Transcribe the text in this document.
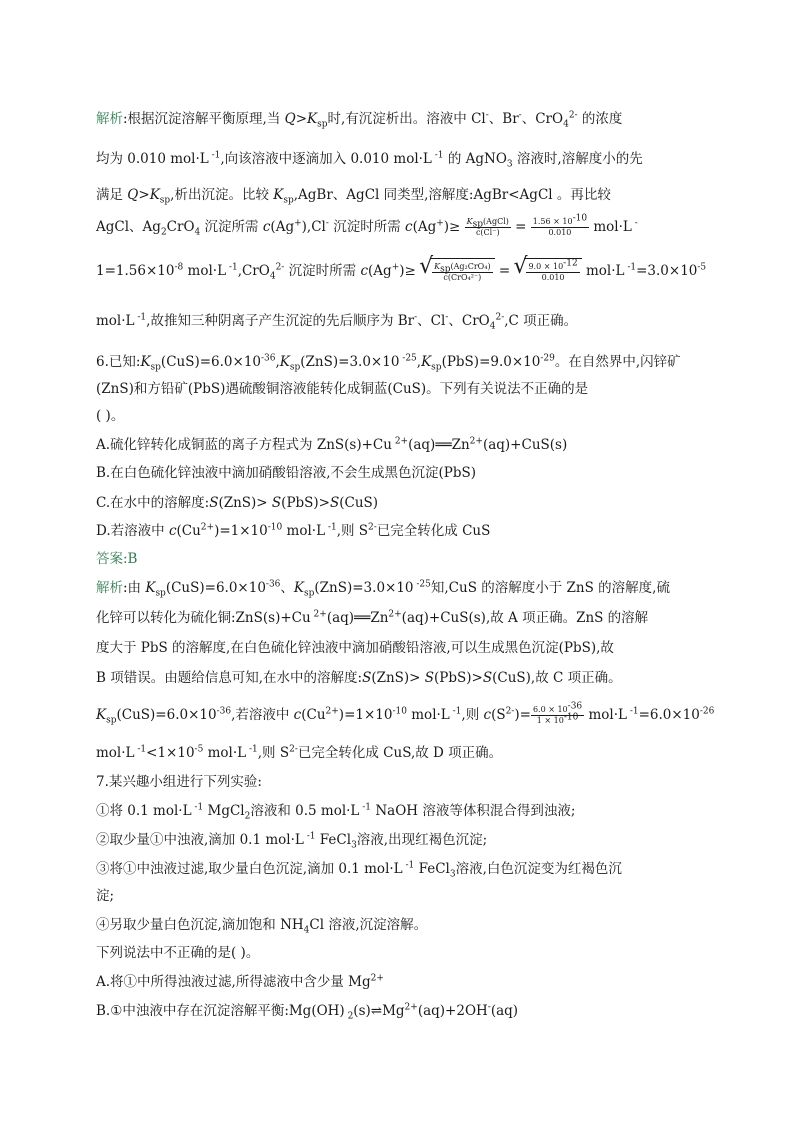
解析:根据沉淀溶解平衡原理,当 $Q>K_{sp}$时,有沉淀析出。溶液中 Cl-、Br-、CrO$_4^{2-}$ 的浓度
均为 0.010 mol·L $^{-1}$,向该溶液中逐滴加入 0.010 mol·L $^{-1}$ 的 AgNO$_3$ 溶液时,溶解度小的先
满足 $Q>K_{sp}$,析出沉淀。比较 $K_{sp},AgBr$、AgCl 同类型,溶解度:AgBr<AgCl 。再比较
AgCl、$Ag_2CrO_4$ 沉淀所需 c(Ag+),Cl- 沉淀时所需 $c(Ag^+)\ge \frac{K_{sp}(AgCl)}{c(Cl^-)} = \frac{1.56 \times 10^{-10}}{0.010} mol\cdot L$ -
$1=1.56\times 10^{-8}$ mol·L $^{-1}$,CrO$_4^{2-}$ 沉淀时所需 c(Ag+)≥ √ $\frac{K_{sp}(Ag_2CrO_4)}{\text{c(CrO₄²⁻)}}$ = √ $\frac{9.0 \times 10^{-12}}{0.010} mol\cdot L$ $^{-1}=3.0\times 10^{-5}$
mol·L $^{-1}$,故推知三种阴离子产生沉淀的先后顺序为 Br-、Cl-、CrO$_4^{2-}$,C 项正确。
6.已知$:K_{sp}(CuS)=6.0\times 10^{-36},K_{sp}(ZnS)=3.0\times 10$ $^{-25},K_{sp}(PbS)=9.0\times 10^{-29}$。在自然界中,闪锌矿
(ZnS)和方铅矿(PbS)遇硫酸铜溶液能转化成铜蓝(CuS)。下列有关说法不正确的是
( )。
A.硫化锌转化成铜蓝的离子方程式为 ZnS(s)+Cu $^{2+}(aq)══Zn^{2+}(aq)+CuS(s)$
B.在白色硫化锌浊液中滴加硝酸铅溶液,不会生成黑色沉淀(PbS)
C.在水中的溶解度:S(ZnS)> S(PbS)>S(CuS)
D.若溶液中 $c(Cu^{2+})=1\times 10^{-10}$ mol·L $^{-1}$,则 $S^{2-}$已完全转化成 CuS
答案:B
解析:由 $K_{sp}(CuS)=6.0\times 10^{-36}$、$K_{sp}(ZnS)=3.0\times 10$ $^{-25}$知,CuS 的溶解度小于 ZnS 的溶解度,硫
化锌可以转化为硫化铜:ZnS(s)+Cu $^{2+}(aq)══Zn^{2+}(aq)+CuS(s)$,故 A 项正确。ZnS 的溶解
度大于 PbS 的溶解度,在白色硫化锌浊液中滴加硝酸铅溶液,可以生成黑色沉淀(PbS),故
B 项错误。由题给信息可知,在水中的溶解度:S(ZnS)> S(PbS)>S(CuS),故 C 项正确。
$K_{sp}(CuS)=6.0\times 10^{-36}$,若溶液中 $c(Cu^{2+})=1\times 10^{-10}$ mol·L $^{-1}$,则 $c(S^{2-})= \frac{6.0 \times 10^{-36}}{1 \times 10^{-10}} mol\cdot L$ $^{-1}=6.0\times 10^{-26}$
mol·L $^{-1}<1\times 10^{-5}$ mol·L $^{-1}$,则 $S^{2-}$已完全转化成 CuS,故 D 项正确。
7.某兴趣小组进行下列实验:
①将 0.1 mol·L $^{-1}$ MgCl$_2$溶液和 0.5 mol·L $^{-1}$ NaOH 溶液等体积混合得到浊液;
②取少量①中浊液,滴加 0.1 mol·L $^{-1}$ FeCl$_3$溶液,出现红褐色沉淀;
③将①中浊液过滤,取少量白色沉淀,滴加 0.1 mol·L $^{-1}$ FeCl$_3$溶液,白色沉淀变为红褐色沉
淀;
④另取少量白色沉淀,滴加饱和 $NH_4Cl$ 溶液,沉淀溶解。
下列说法中不正确的是( )。
A.将①中所得浊液过滤,所得滤液中含少量 $Mg^{2+}$
B.①中浊液中存在沉淀溶解平衡:Mg(OH) $_2(s)\rightleftharpoons Mg^{2+}(aq)+2OH^-(aq)$
